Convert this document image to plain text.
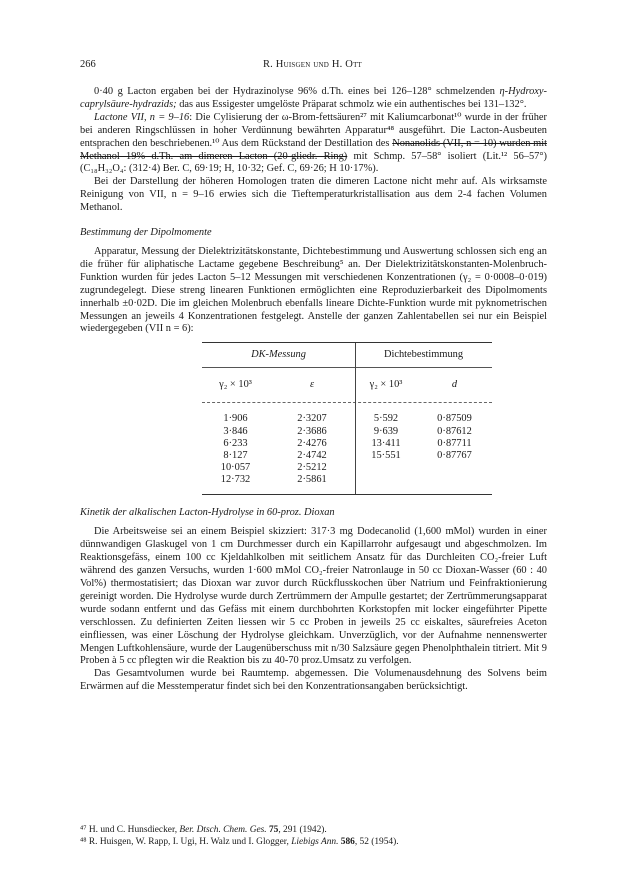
266	R. Huisgen und H. Ott

0·40 g Lacton ergaben bei der Hydrazinolyse 96% d.Th. eines bei 126–128° schmelzenden η-Hydroxy-caprylsäure-hydrazids; das aus Essigester umgelöste Präparat schmolz wie ein authentisches bei 131–132°.

Lactone VII, n = 9–16: Die Cylisierung der ω-Brom-fettsäuren²⁷ mit Kaliumcarbonat¹⁰ wurde in der früher bei anderen Ringschlüssen in hoher Verdünnung bewährten Apparatur⁴⁸ ausgeführt. Die Lacton-Ausbeuten entsprachen den beschriebenen.¹⁰ Aus dem Rückstand der Destillation des Nonanolids (VII, n = 10) wurden mit Methanol 19% d.Th. am dimeren Lacton (20-gliedr. Ring) mit Schmp. 57–58° isoliert (Lit.¹² 56–57°) (C₁₈H₃₂O₄: (312·4) Ber. C, 69·19; H, 10·32; Gef. C, 69·26; H 10·17%).

Bei der Darstellung der höheren Homologen traten die dimeren Lactone nicht mehr auf. Als wirksamste Reinigung von VII, n = 9–16 erwies sich die Tieftemperaturkristallisation aus dem 2-4 fachen Volumen Methanol.

Bestimmung der Dipolmomente

Apparatur, Messung der Dielektrizitätskonstante, Dichtebestimmung und Auswertung schlossen sich eng an die früher für aliphatische Lactame gegebene Beschreibung⁵ an. Der Dielektrizitätskonstanten-Molenbruch-Funktion wurden für jedes Lacton 5–12 Messungen mit verschiedenen Konzentrationen (γ₂ = 0·0008–0·019) zugrundegelegt. Diese streng linearen Funktionen ermöglichten eine Reproduzierbarkeit des Dipolmoments innerhalb ±0·02D. Die im gleichen Molenbruch ebenfalls lineare Dichte-Funktion wurde mit pyknometrischen Messungen an jeweils 4 Konzentrationen festgelegt. Anstelle der ganzen Zahlentabellen sei nur ein Beispiel wiedergegeben (VII n = 6):

DK-Messung	Dichtebestimmung
γ₂ × 10³	ε	γ₂ × 10³	d
1·906	2·3207	5·592	0·87509
3·846	2·3686	9·639	0·87612
6·233	2·4276	13·411	0·87711
8·127	2·4742	15·551	0·87767
10·057	2·5212
12·732	2·5861
Kinetik der alkalischen Lacton-Hydrolyse in 60-proz. Dioxan

Die Arbeitsweise sei an einem Beispiel skizziert: 317·3 mg Dodecanolid (1,600 mMol) wurden in einer dünnwandigen Glaskugel von 1 cm Durchmesser durch ein Kapillarrohr aufgesaugt und abgeschmolzen. Im Reaktionsgefäss, einem 100 cc Kjeldahlkolben mit seitlichem Ansatz für das Durchleiten CO₂-freier Luft während des ganzen Versuchs, wurden 1·600 mMol CO₂-freier Natronlauge in 50 cc Dioxan-Wasser (60 : 40 Vol%) thermostatisiert; das Dioxan war zuvor durch Rückflusskochen über Natrium und Feinfraktionierung gereinigt worden. Die Hydrolyse wurde durch Zertrümmern der Ampulle gestartet; der Zertrümmerungsapparat wurde sodann entfernt und das Gefäss mit einem durchbohrten Korkstopfen mit locker eingeführter Pipette verschlossen. Zu definierten Zeiten liessen wir 5 cc Proben in jeweils 25 cc eiskaltes, säurefreies Aceton einfliessen, was einer Löschung der Hydrolyse gleichkam. Unverzüglich, vor der Aufnahme nennenswerter Mengen Luftkohlensäure, wurde der Laugenüberschuss mit n/30 Salzsäure gegen Phenolphthalein titriert. Mit 9 Proben à 5 cc pflegten wir die Reaktion bis zu 40-70 proz.Umsatz zu verfolgen.

Das Gesamtvolumen wurde bei Raumtemp. abgemessen. Die Volumenausdehnung des Solvens beim Erwärmen auf die Messtemperatur findet sich bei den Konzentrationsangaben berücksichtigt.

⁴⁷ H. und C. Hunsdiecker, Ber. Dtsch. Chem. Ges. 75, 291 (1942).

⁴⁸ R. Huisgen, W. Rapp, I. Ugi, H. Walz und I. Glogger, Liebigs Ann. 586, 52 (1954).
